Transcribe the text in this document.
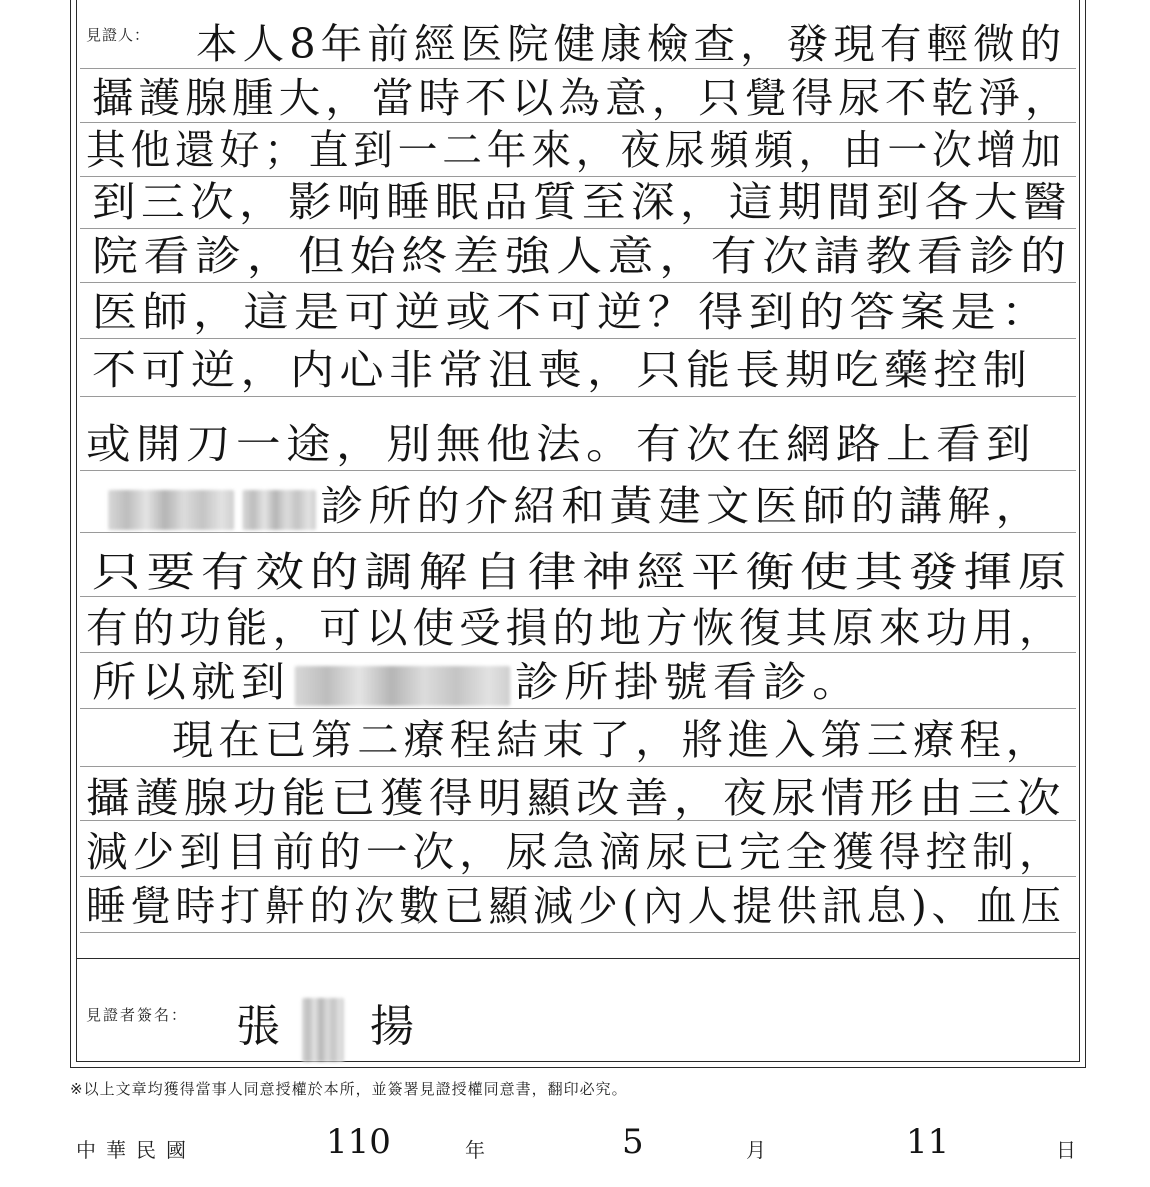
見證人： 本人8年前經医院健康檢查，發現有輕微的
攝護腺腫大，當時不以為意，只覺得尿不乾淨，
其他還好；直到一二年來，夜尿頻頻，由一次增加
到三次，影响睡眠品質至深，這期間到各大醫
院看診，但始終差強人意，有次請教看診的
医師，這是可逆或不可逆？得到的答案是：
不可逆，内心非常沮喪，只能長期吃藥控制
或開刀一途，別無他法。有次在網路上看到
診所的介紹和黃建文医師的講解，
只要有效的調解自律神經平衡使其發揮原
有的功能，可以使受損的地方恢復其原來功用，
所以就到	診所掛號看診。
現在已第二療程結束了，將進入第三療程，
攝護腺功能已獲得明顯改善，夜尿情形由三次
減少到目前的一次，尿急滴尿已完全獲得控制，
睡覺時打鼾的次數已顯減少(內人提供訊息)、血压
見證者簽名： 張 揚
※以上文章均獲得當事人同意授權於本所，並簽署見證授權同意書，翻印必究。
中華民國	110	年	5	月	11	日
